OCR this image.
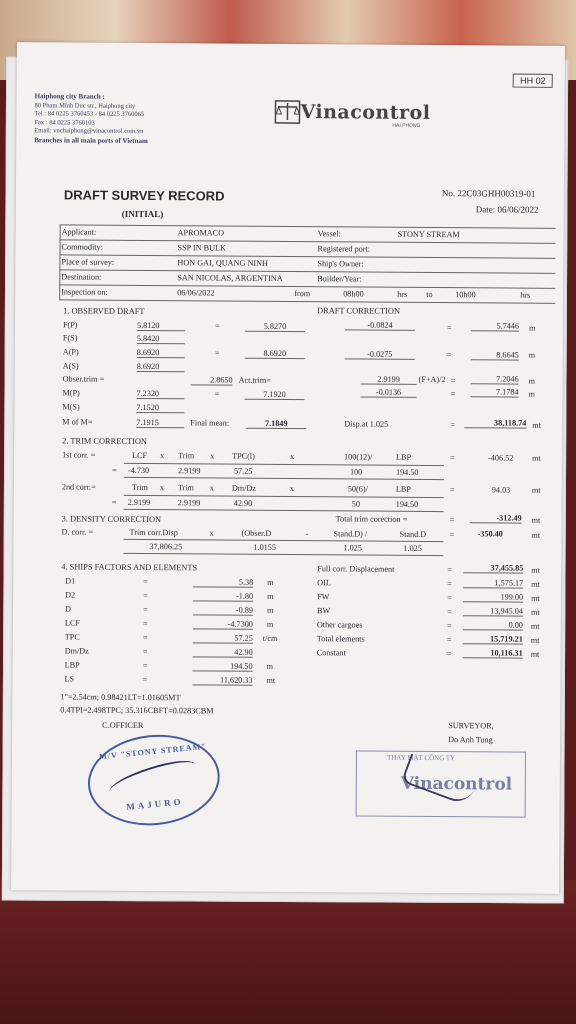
HH 02
Haiphong city Branch :
80 Pham Minh Duc str., Haiphong city
Tel : 84 0225 3760453 - 84 0225 3760065
Fax : 84 0225 3760103
Email: vnchaiphong@vinacontrol.com.vn
Branches in all main ports of Vietnam
Vinacontrol
HAI PHONG
DRAFT SURVEY RECORD
(INITIAL)
No. 22C03GHH00319-01
Date: 06/06/2022
Applicant:	APROMACO
Commodity:	SSP IN BULK
Place of survey:	HON GAI, QUANG NINH
Destination:	SAN NICOLAS, ARGENTINA
Inspection on:	06/06/2022	from	08h00	hrs to	10h00	hrs
Vessel:	STONY STREAM
Registered port:
Ship's Owner:
Builder/Year:
1. OBSERVED DRAFT	DRAFT CORRECTION
F(P)	5.8120	=	5.8270	-0.0824	=	5.7446 m
F(S)	5.8420
A(P)	8.6920	=	8.6920	-0.0275	=	8.6645 m
A(S)	8.6920
Obser.trim =	2.8650 Act.trim=	2.9199	(F+A)/2 =	7.2046 m
M(P)	7.2320	=	7.1920	-0.0136	=	7.1784 m
M(S)	7.1520
M of M=	7.1915	Final mean:	7.1849	Disp.at 1.025	=	38,118.74 mt
2. TRIM CORRECTION
1st corr. =	LCF x Trim x TPC(l)	x	100(12)/	LBP	=	-406.52 mt
= -4.730	2.9199	57.25	100	194.50
2nd corr.=	Trim x Trim x Dm/Dz	x	50(6)/	LBP	=	94.03	mt
= 2.9199	2.9199	42.90	50	194.50
3. DENSITY CORRECTION	Total trim corection =	=	-312.49 mt
D. corr. =	Trim corr.Disp	x	(Obser.D	-	Stand.D) /	Stand.D	=	-350.40	mt
37,806.25	1.0155	1.025	1.025
4. SHIPS FACTORS AND ELEMENTS
D1	=	5.38 m
D2	=	-1.80 m
D	=	-0.89 m
LCF	=	-4.7300 m
TPC	=	57.25 t/cm
Dm/Dz	=	42.90
LBP	=	194.50 m
LS	=	11,620.33 mt
1"=2.54cm; 0.98421LT=1.01605MT
0.4TPI=2.498TPC; 35.316CBFT=0.0283CBM
Full corr. Displacement	=	37,455.85 mt
OIL	=	1,575.17 mt
FW	=	199.00 mt
BW	=	13,945.04 mt
Other cargoes	=	0.00 mt
Total elements	=	15,719.21 mt
Constant	=	10,116.31 mt
C.OFFICER
M/V "STONY STREAM"
MAJURO
SURVEYOR,
Do Anh Tung
THAY MẶT CÔNG TY
Vinacontrol
